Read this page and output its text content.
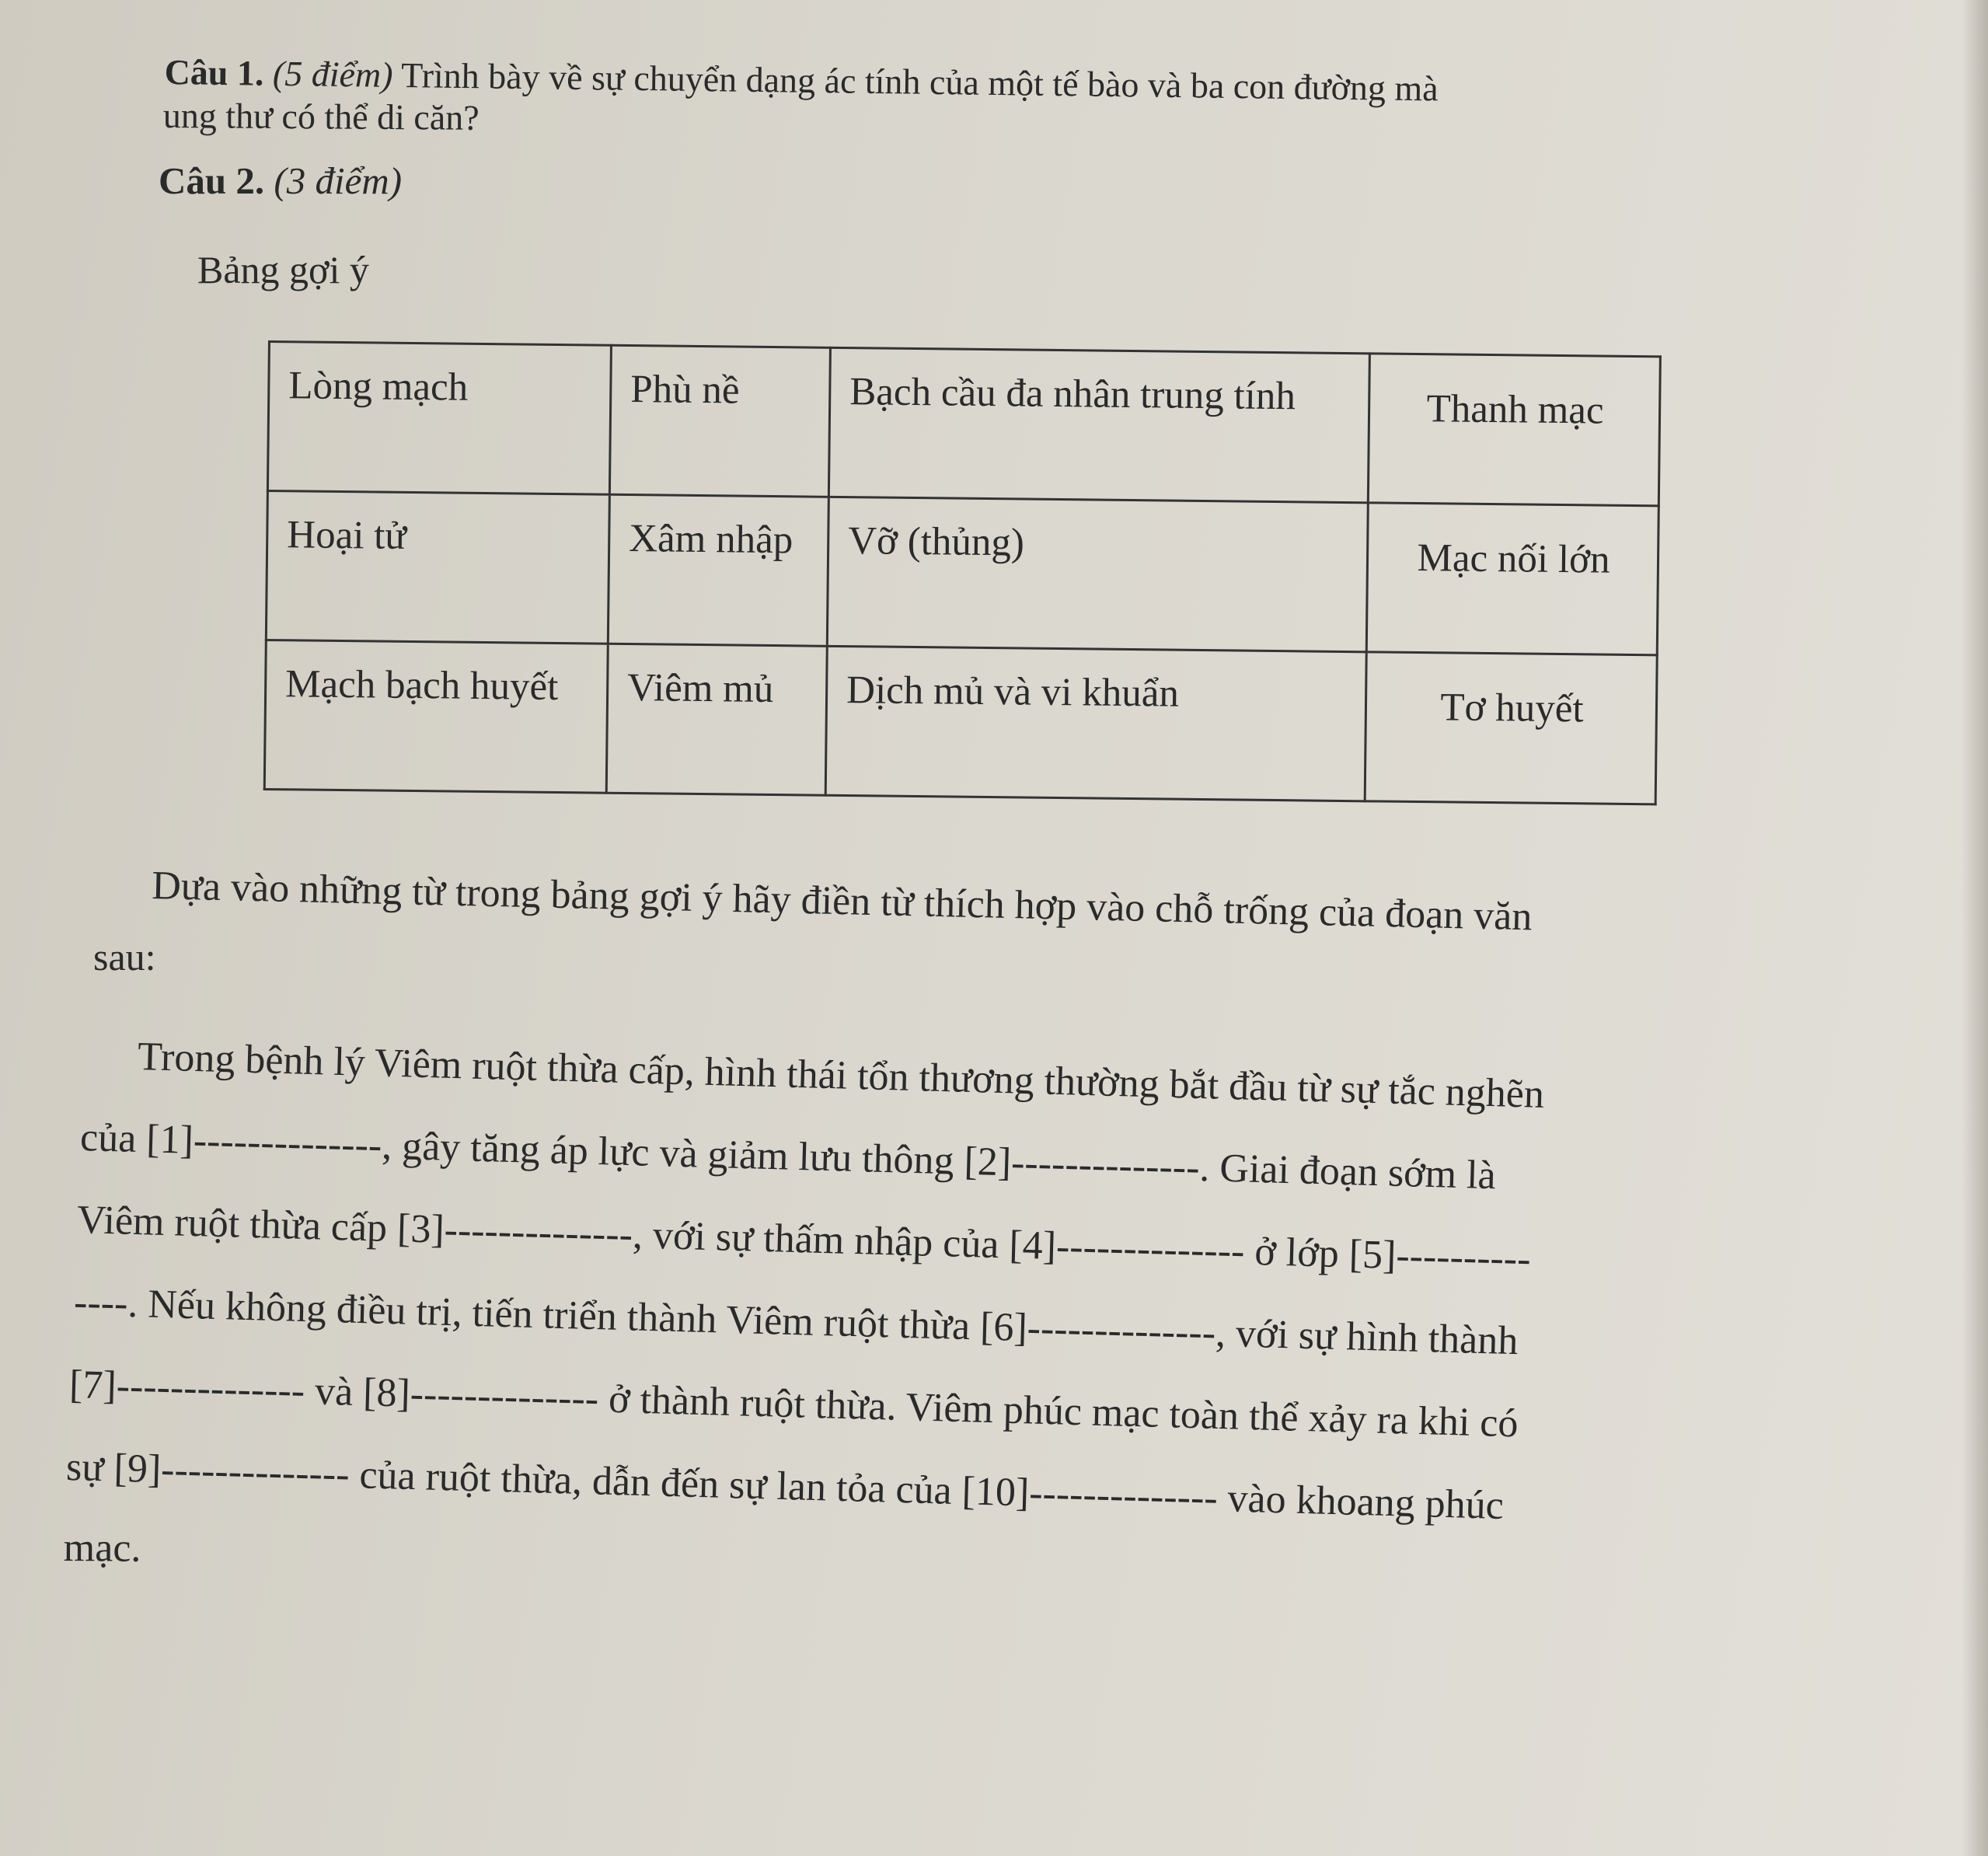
Câu 1. (5 điểm) Trình bày về sự chuyển dạng ác tính của một tế bào và ba con đường mà
ung thư có thể di căn?
Câu 2. (3 điểm)
Bảng gợi ý
Lòng mạch	Phù nề	Bạch cầu đa nhân trung tính	Thanh mạc
Hoại tử	Xâm nhập	Vỡ (thủng)	Mạc nối lớn
Mạch bạch huyết	Viêm mủ	Dịch mủ và vi khuẩn	Tơ huyết
Dựa vào những từ trong bảng gợi ý hãy điền từ thích hợp vào chỗ trống của đoạn văn
sau:
Trong bệnh lý Viêm ruột thừa cấp, hình thái tổn thương thường bắt đầu từ sự tắc nghẽn
của [1]--------------, gây tăng áp lực và giảm lưu thông [2]--------------. Giai đoạn sớm là
Viêm ruột thừa cấp [3]--------------, với sự thấm nhập của [4]-------------- ở lớp [5]----------
----. Nếu không điều trị, tiến triển thành Viêm ruột thừa [6]--------------, với sự hình thành
[7]-------------- và [8]-------------- ở thành ruột thừa. Viêm phúc mạc toàn thể xảy ra khi có
sự [9]-------------- của ruột thừa, dẫn đến sự lan tỏa của [10]-------------- vào khoang phúc
mạc.
